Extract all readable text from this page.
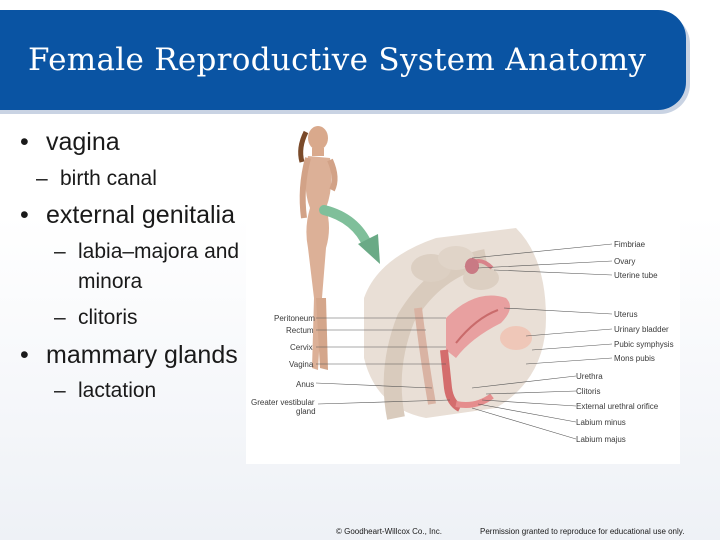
Female Reproductive System Anatomy
• vagina
– birth canal
• external genitalia
– labia–majora and
minora
– clitoris
• mammary glands
– lactation
Peritoneum
Rectum
Cervix
Vagina
Anus
Greater vestibular
gland
Fimbriae
Ovary
Uterine tube
Uterus
Urinary bladder
Pubic symphysis
Mons pubis
Urethra
Clitoris
External urethral orifice
Labium minus
Labium majus
© Goodheart-Willcox Co., Inc.	Permission granted to reproduce for educational use only.
